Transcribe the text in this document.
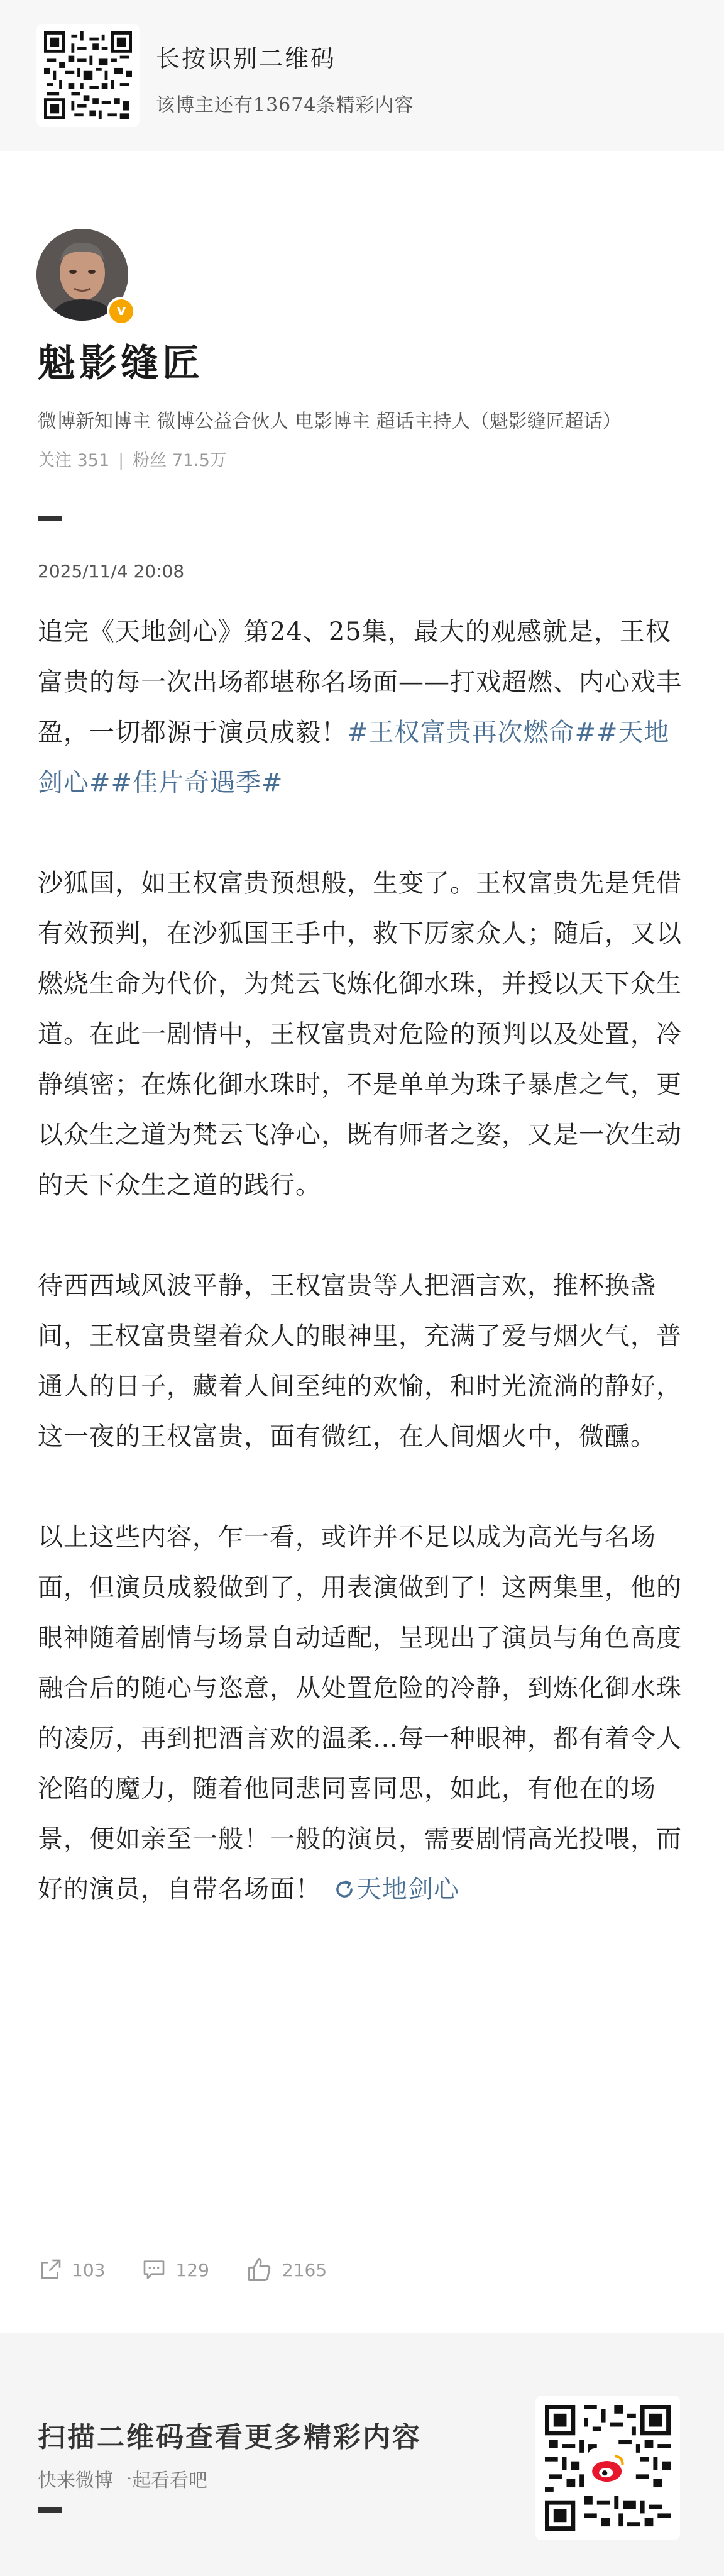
长按识别二维码
该博主还有13674条精彩内容
v
魁影缝匠
微博新知博主 微博公益合伙人 电影博主 超话主持人（魁影缝匠超话）
关注 351 | 粉丝 71.5万
2025/11/4 20:08

追完《天地剑心》第24、25集，最大的观感就是，王权富贵的每一次出场都堪称名场面——打戏超燃、内心戏丰盈，一切都源于演员成毅！#王权富贵再次燃命##天地剑心##佳片奇遇季#

沙狐国，如王权富贵预想般，生变了。王权富贵先是凭借有效预判，在沙狐国王手中，救下厉家众人；随后，又以燃烧生命为代价，为梵云飞炼化御水珠，并授以天下众生道。在此一剧情中，王权富贵对危险的预判以及处置，冷静缜密；在炼化御水珠时，不是单单为珠子暴虐之气，更以众生之道为梵云飞净心，既有师者之姿，又是一次生动的天下众生之道的践行。

待西西域风波平静，王权富贵等人把酒言欢，推杯换盏间，王权富贵望着众人的眼神里，充满了爱与烟火气，普通人的日子，藏着人间至纯的欢愉，和时光流淌的静好，这一夜的王权富贵，面有微红，在人间烟火中，微醺。

以上这些内容，乍一看，或许并不足以成为高光与名场面，但演员成毅做到了，用表演做到了！这两集里，他的眼神随着剧情与场景自动适配，呈现出了演员与角色高度融合后的随心与恣意，从处置危险的冷静，到炼化御水珠的凌厉，再到把酒言欢的温柔…每一种眼神，都有着令人沦陷的魔力，随着他同悲同喜同思，如此，有他在的场景，便如亲至一般！一般的演员，需要剧情高光投喂，而好的演员，自带名场面！ 天地剑心

103	129	2165
扫描二维码查看更多精彩内容
快来微博一起看看吧
